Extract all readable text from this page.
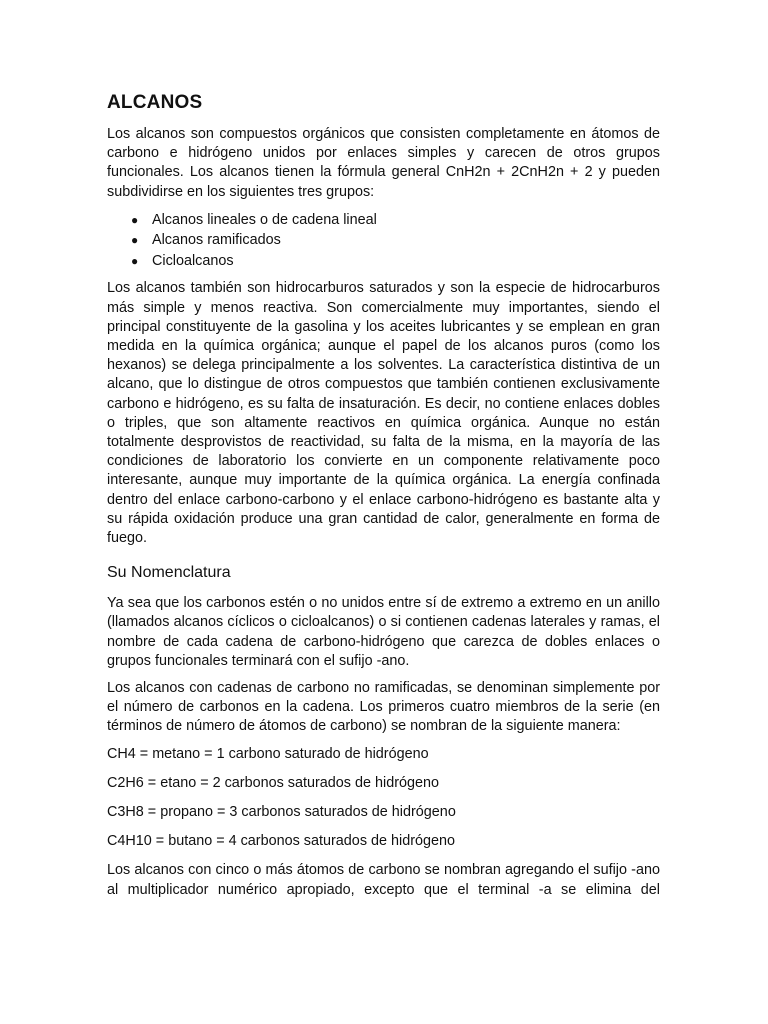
ALCANOS

Los alcanos son compuestos orgánicos que consisten completamente en átomos de carbono e hidrógeno unidos por enlaces simples y carecen de otros grupos funcionales. Los alcanos tienen la fórmula general CnH2n + 2CnH2n + 2 y pueden subdividirse en los siguientes tres grupos:

● Alcanos lineales o de cadena lineal
● Alcanos ramificados
● Cicloalcanos

Los alcanos también son hidrocarburos saturados y son la especie de hidrocarburos más simple y menos reactiva. Son comercialmente muy importantes, siendo el principal constituyente de la gasolina y los aceites lubricantes y se emplean en gran medida en la química orgánica; aunque el papel de los alcanos puros (como los hexanos) se delega principalmente a los solventes. La característica distintiva de un alcano, que lo distingue de otros compuestos que también contienen exclusivamente carbono e hidrógeno, es su falta de insaturación. Es decir, no contiene enlaces dobles o triples, que son altamente reactivos en química orgánica. Aunque no están totalmente desprovistos de reactividad, su falta de la misma, en la mayoría de las condiciones de laboratorio los convierte en un componente relativamente poco interesante, aunque muy importante de la química orgánica. La energía confinada dentro del enlace carbono-carbono y el enlace carbono-hidrógeno es bastante alta y su rápida oxidación produce una gran cantidad de calor, generalmente en forma de fuego.

Su Nomenclatura

Ya sea que los carbonos estén o no unidos entre sí de extremo a extremo en un anillo (llamados alcanos cíclicos o cicloalcanos) o si contienen cadenas laterales y ramas, el nombre de cada cadena de carbono-hidrógeno que carezca de dobles enlaces o grupos funcionales terminará con el sufijo -ano.

Los alcanos con cadenas de carbono no ramificadas, se denominan simplemente por el número de carbonos en la cadena. Los primeros cuatro miembros de la serie (en términos de número de átomos de carbono) se nombran de la siguiente manera:

CH4 = metano = 1 carbono saturado de hidrógeno

C2H6 = etano = 2 carbonos saturados de hidrógeno

C3H8 = propano = 3 carbonos saturados de hidrógeno

C4H10 = butano = 4 carbonos saturados de hidrógeno

Los alcanos con cinco o más átomos de carbono se nombran agregando el sufijo -ano al multiplicador numérico apropiado, excepto que el terminal -a se elimina del
